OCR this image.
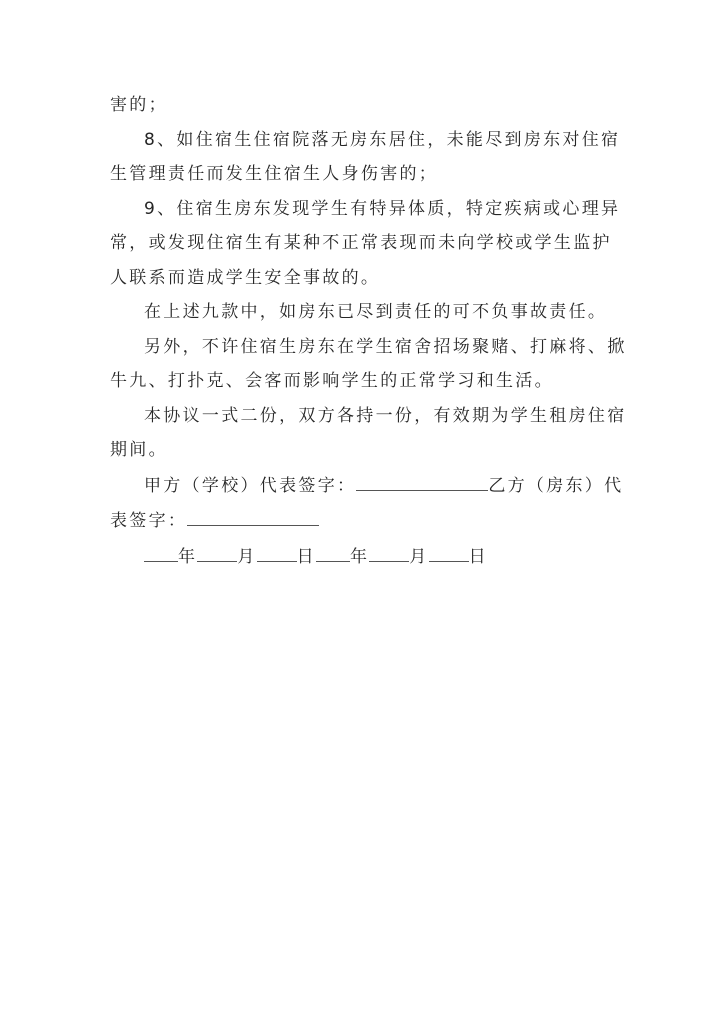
害的；

8、如住宿生住宿院落无房东居住，未能尽到房东对住宿生管理责任而发生住宿生人身伤害的；

9、住宿生房东发现学生有特异体质，特定疾病或心理异常，或发现住宿生有某种不正常表现而未向学校或学生监护人联系而造成学生安全事故的。

在上述九款中，如房东已尽到责任的可不负事故责任。

另外，不许住宿生房东在学生宿舍招场聚赌、打麻将、掀牛九、打扑克、会客而影响学生的正常学习和生活。

本协议一式二份，双方各持一份，有效期为学生租房住宿期间。

甲方（学校）代表签字：	乙方（房东）代表签字：

年 月 日 年 月 日
